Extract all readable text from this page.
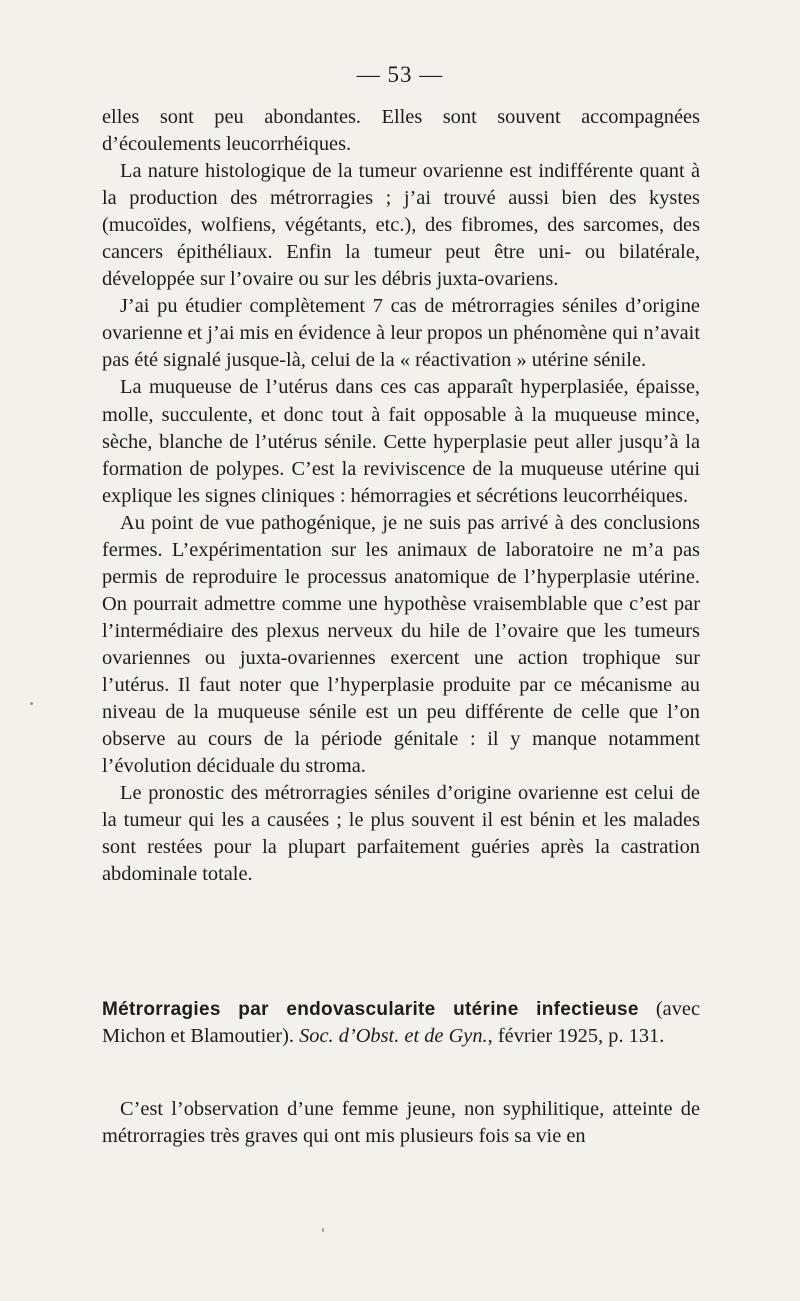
— 53 —

elles sont peu abondantes. Elles sont souvent accompagnées d’écoulements leucorrhéiques.

La nature histologique de la tumeur ovarienne est indifférente quant à la production des métrorragies ; j’ai trouvé aussi bien des kystes (mucoïdes, wolfiens, végétants, etc.), des fibromes, des sarcomes, des cancers épithéliaux. Enfin la tumeur peut être uni- ou bilatérale, développée sur l’ovaire ou sur les débris juxta-ovariens.

J’ai pu étudier complètement 7 cas de métrorragies séniles d’origine ovarienne et j’ai mis en évidence à leur propos un phénomène qui n’avait pas été signalé jusque-là, celui de la « réactivation » utérine sénile.

La muqueuse de l’utérus dans ces cas apparaît hyperplasiée, épaisse, molle, succulente, et donc tout à fait opposable à la muqueuse mince, sèche, blanche de l’utérus sénile. Cette hyperplasie peut aller jusqu’à la formation de polypes. C’est la reviviscence de la muqueuse utérine qui explique les signes cliniques : hémorragies et sécrétions leucorrhéiques.

Au point de vue pathogénique, je ne suis pas arrivé à des conclusions fermes. L’expérimentation sur les animaux de laboratoire ne m’a pas permis de reproduire le processus anatomique de l’hyperplasie utérine. On pourrait admettre comme une hypothèse vraisemblable que c’est par l’intermédiaire des plexus nerveux du hile de l’ovaire que les tumeurs ovariennes ou juxta-ovariennes exercent une action trophique sur l’utérus. Il faut noter que l’hyperplasie produite par ce mécanisme au niveau de la muqueuse sénile est un peu différente de celle que l’on observe au cours de la période génitale : il y manque notamment l’évolution déciduale du stroma.

Le pronostic des métrorragies séniles d’origine ovarienne est celui de la tumeur qui les a causées ; le plus souvent il est bénin et les malades sont restées pour la plupart parfaitement guéries après la castration abdominale totale.

Métrorragies par endovascularite utérine infectieuse (avec Michon et Blamoutier). Soc. d’Obst. et de Gyn., février 1925, p. 131.

C’est l’observation d’une femme jeune, non syphilitique, atteinte de métrorragies très graves qui ont mis plusieurs fois sa vie en
